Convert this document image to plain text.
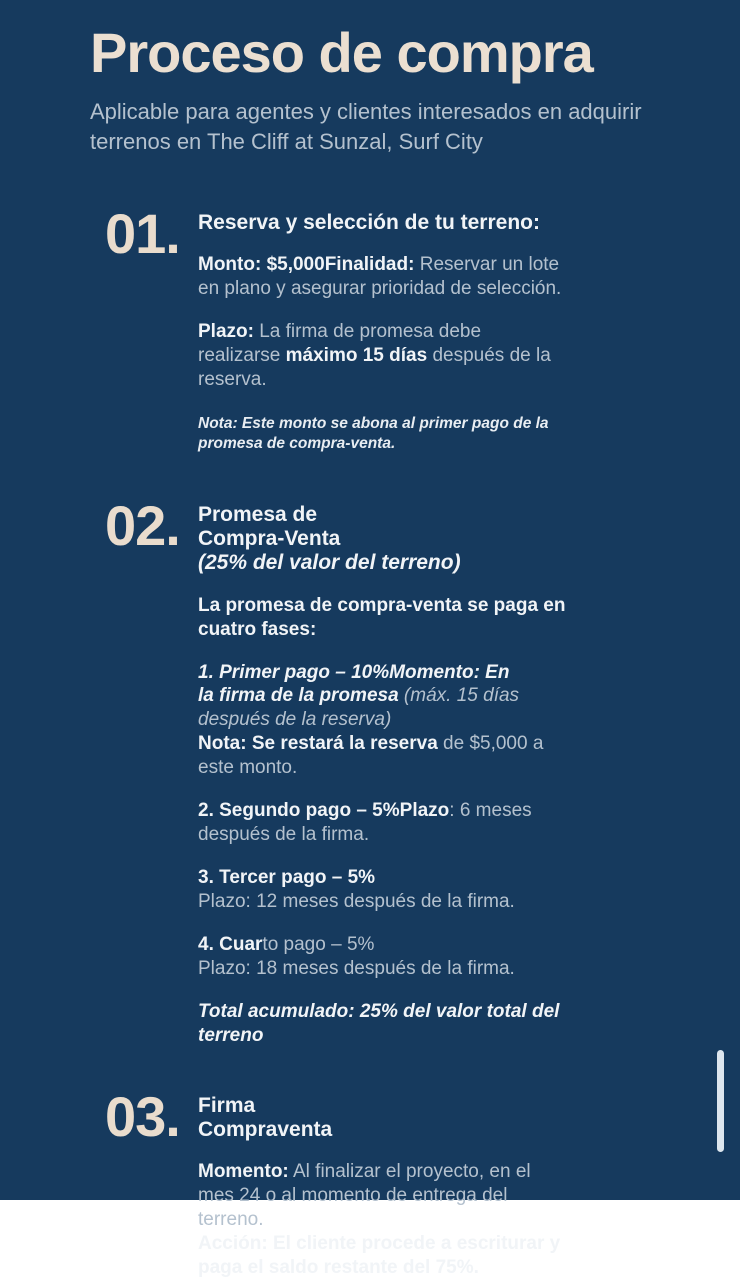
Proceso de compra

Aplicable para agentes y clientes interesados en adquirir terrenos en The Cliff at Sunzal, Surf City

01. Reserva y selección de tu terreno:

Monto: $5,000Finalidad: Reservar un lote
en plano y asegurar prioridad de selección.

Plazo: La firma de promesa debe
realizarse máximo 15 días después de la
reserva.

Nota: Este monto se abona al primer pago de la
promesa de compra-venta.

02. Promesa de
Compra-Venta
(25% del valor del terreno)

La promesa de compra-venta se paga en
cuatro fases:

1. Primer pago – 10%Momento: En
la firma de la promesa (máx. 15 días
después de la reserva)
Nota: Se restará la reserva de $5,000 a
este monto.

2. Segundo pago – 5%Plazo: 6 meses
después de la firma.

3. Tercer pago – 5%
Plazo: 12 meses después de la firma.

4. Cuarto pago – 5%
Plazo: 18 meses después de la firma.

Total acumulado: 25% del valor total del
terreno

03. Firma
Compraventa

Momento: Al finalizar el proyecto, en el
mes 24 o al momento de entrega del
terreno.
Acción: El cliente procede a escriturar y
paga el saldo restante del 75%.
